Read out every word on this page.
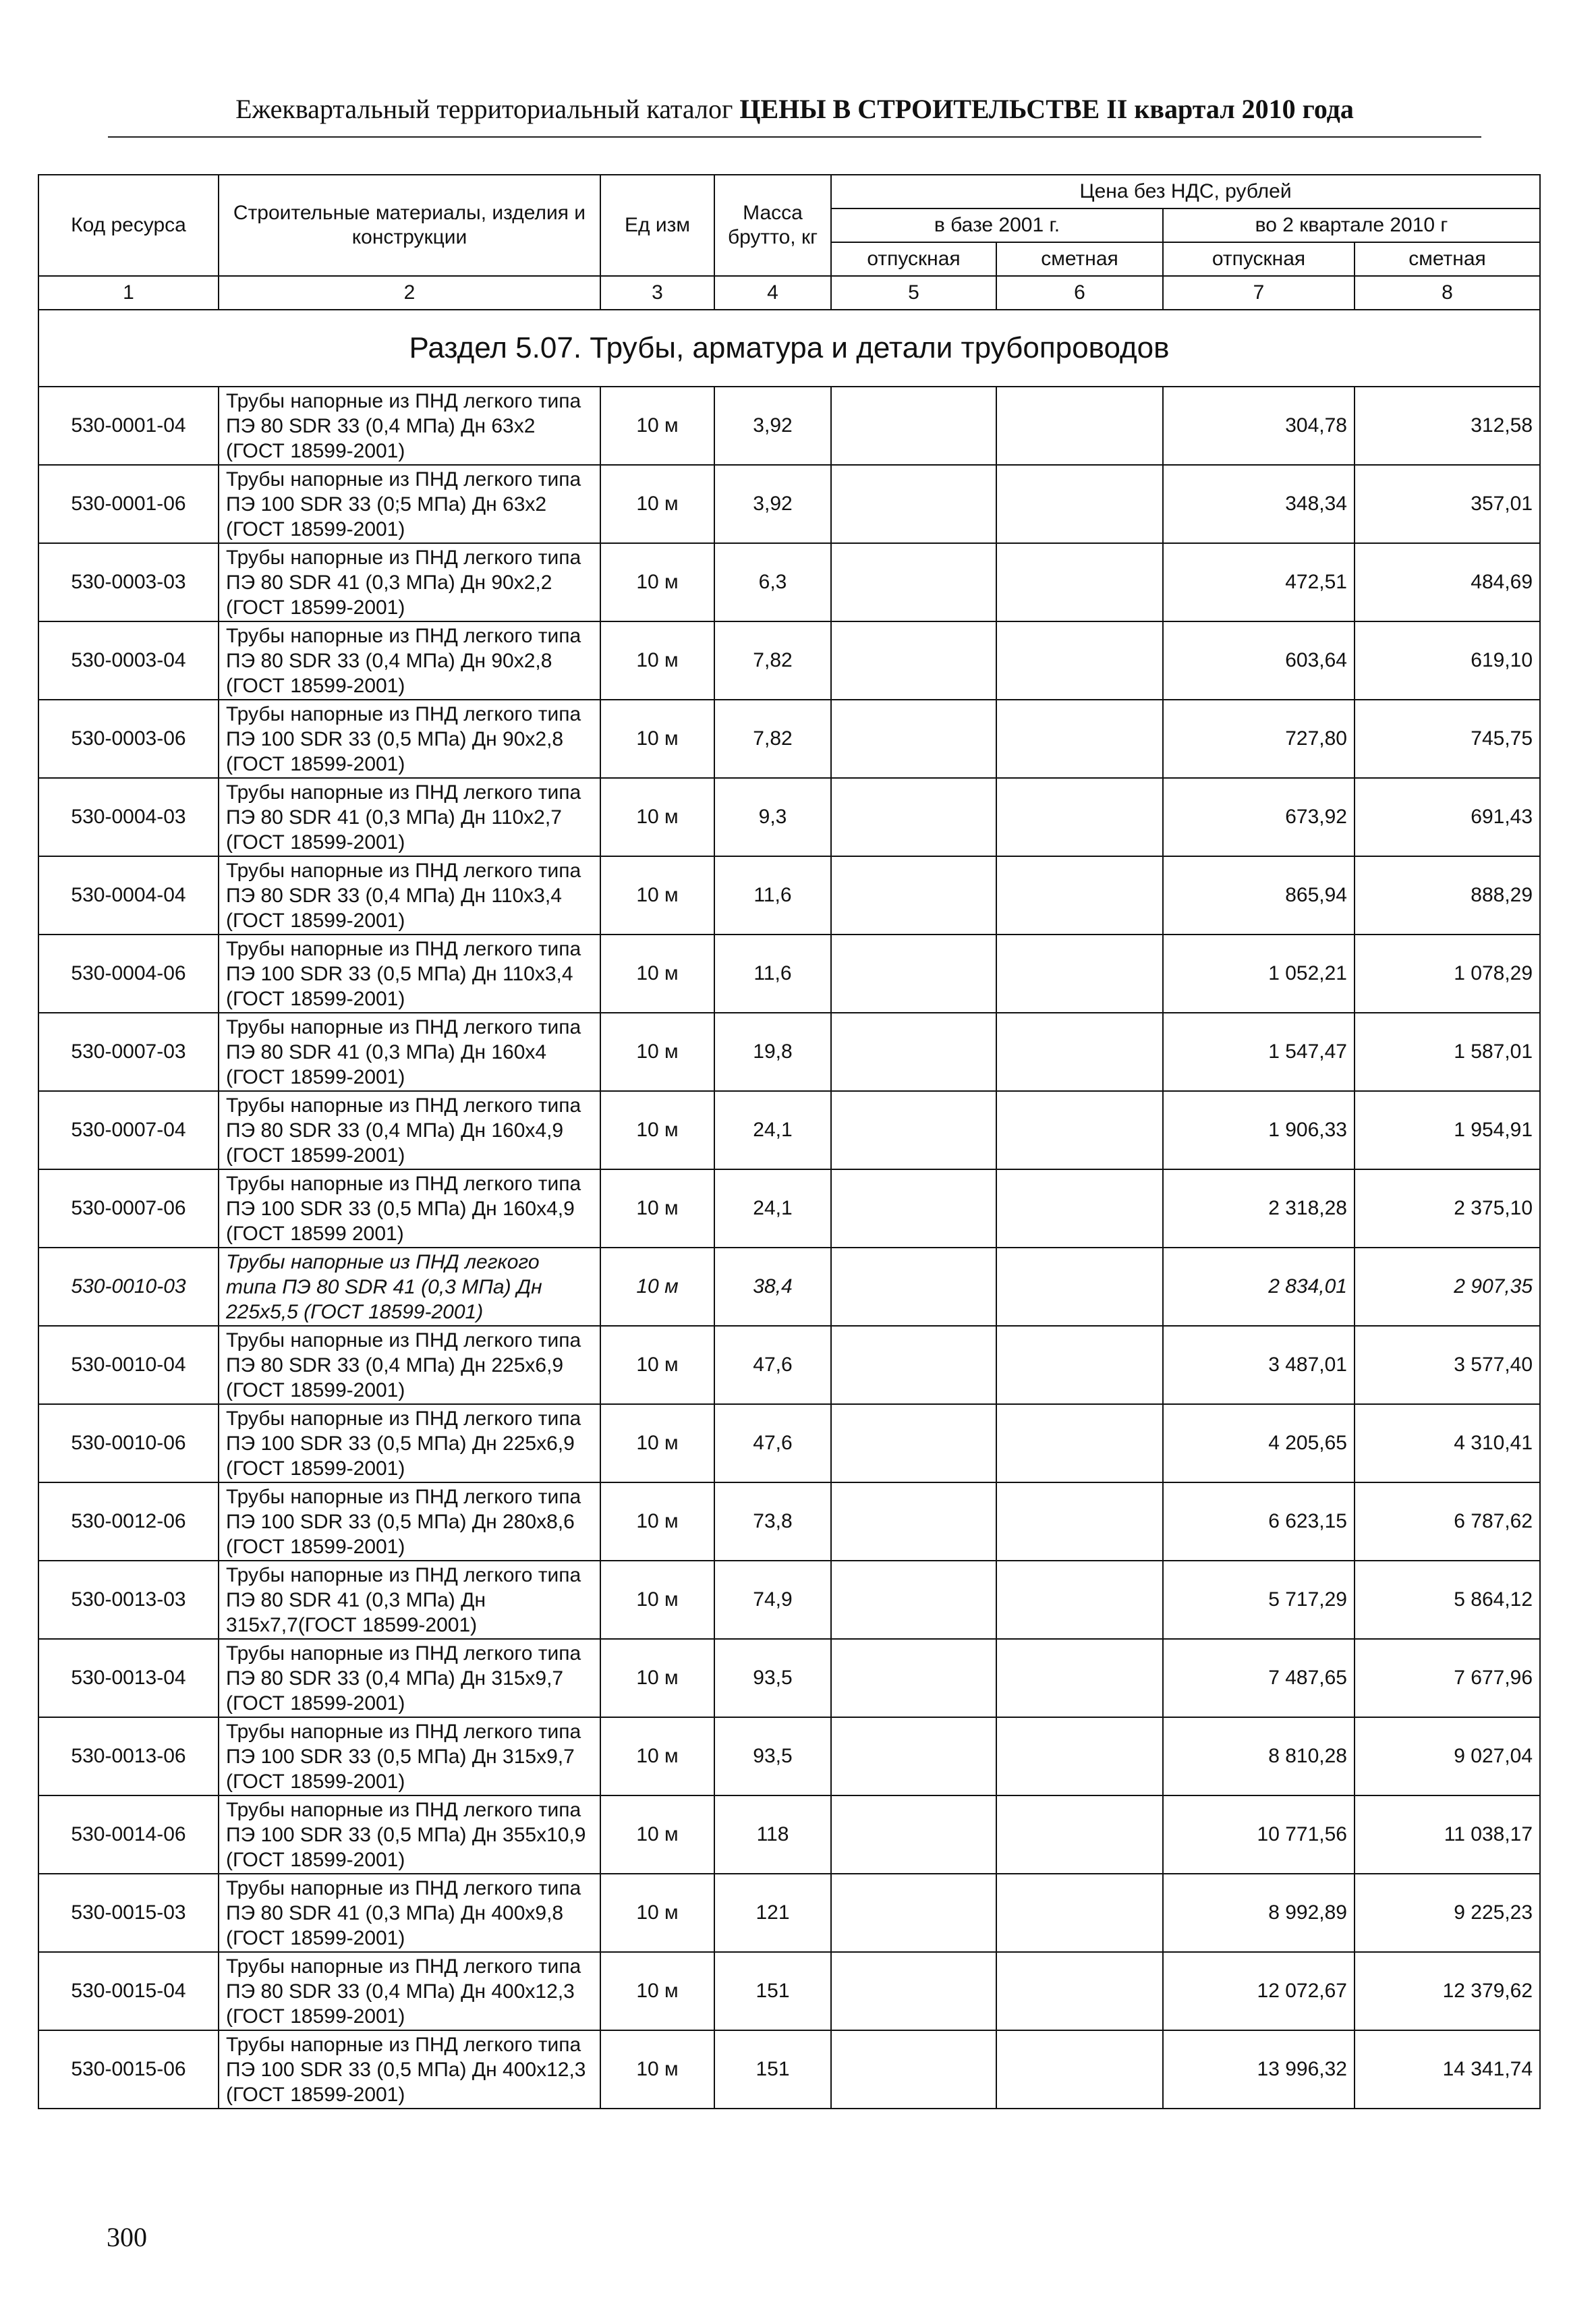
Ежеквартальный территориальный каталог ЦЕНЫ В СТРОИТЕЛЬСТВЕ II квартал 2010 года
Код ресурса	Строительные материалы, изделия и конструкции	Ед изм	Масса брутто, кг	Цена без НДС, рублей			
				в базе 2001 г.		во 2 квартале 2010 г	
				отпускная	сметная	отпускная	сметная
1	2	3	4	5	6	7	8
Раздел 5.07. Трубы, арматура и детали трубопроводов							
530-0001-04	Трубы напорные из ПНД легкого типа ПЭ 80 SDR 33 (0,4 МПа) Дн 63х2 (ГОСТ 18599-2001)	10 м	3,92			304,78	312,58
530-0001-06	Трубы напорные из ПНД легкого типа ПЭ 100 SDR 33 (0;5 МПа) Дн 63х2 (ГОСТ 18599-2001)	10 м	3,92			348,34	357,01
530-0003-03	Трубы напорные из ПНД легкого типа ПЭ 80 SDR 41 (0,3 МПа) Дн 90х2,2 (ГОСТ 18599-2001)	10 м	6,3			472,51	484,69
530-0003-04	Трубы напорные из ПНД легкого типа ПЭ 80 SDR 33 (0,4 МПа) Дн 90х2,8 (ГОСТ 18599-2001)	10 м	7,82			603,64	619,10
530-0003-06	Трубы напорные из ПНД легкого типа ПЭ 100 SDR 33 (0,5 МПа) Дн 90х2,8 (ГОСТ 18599-2001)	10 м	7,82			727,80	745,75
530-0004-03	Трубы напорные из ПНД легкого типа ПЭ 80 SDR 41 (0,3 МПа) Дн 110х2,7 (ГОСТ 18599-2001)	10 м	9,3			673,92	691,43
530-0004-04	Трубы напорные из ПНД легкого типа ПЭ 80 SDR 33 (0,4 МПа) Дн 110х3,4 (ГОСТ 18599-2001)	10 м	11,6			865,94	888,29
530-0004-06	Трубы напорные из ПНД легкого типа ПЭ 100 SDR 33 (0,5 МПа) Дн 110х3,4 (ГОСТ 18599-2001)	10 м	11,6			1 052,21	1 078,29
530-0007-03	Трубы напорные из ПНД легкого типа ПЭ 80 SDR 41 (0,3 МПа) Дн 160х4 (ГОСТ 18599-2001)	10 м	19,8			1 547,47	1 587,01
530-0007-04	Трубы напорные из ПНД легкого типа ПЭ 80 SDR 33 (0,4 МПа) Дн 160х4,9 (ГОСТ 18599-2001)	10 м	24,1			1 906,33	1 954,91
530-0007-06	Трубы напорные из ПНД легкого типа ПЭ 100 SDR 33 (0,5 МПа) Дн 160х4,9 (ГОСТ 18599 2001)	10 м	24,1			2 318,28	2 375,10
530-0010-03	Трубы напорные из ПНД легкого типа ПЭ 80 SDR 41 (0,3 МПа) Дн 225х5,5 (ГОСТ 18599-2001)	10 м	38,4			2 834,01	2 907,35
530-0010-04	Трубы напорные из ПНД легкого типа ПЭ 80 SDR 33 (0,4 МПа) Дн 225х6,9 (ГОСТ 18599-2001)	10 м	47,6			3 487,01	3 577,40
530-0010-06	Трубы напорные из ПНД легкого типа ПЭ 100 SDR 33 (0,5 МПа) Дн 225х6,9 (ГОСТ 18599-2001)	10 м	47,6			4 205,65	4 310,41
530-0012-06	Трубы напорные из ПНД легкого типа ПЭ 100 SDR 33 (0,5 МПа) Дн 280х8,6 (ГОСТ 18599-2001)	10 м	73,8			6 623,15	6 787,62
530-0013-03	Трубы напорные из ПНД легкого типа ПЭ 80 SDR 41 (0,3 МПа) Дн 315х7,7(ГОСТ 18599-2001)	10 м	74,9			5 717,29	5 864,12
530-0013-04	Трубы напорные из ПНД легкого типа ПЭ 80 SDR 33 (0,4 МПа) Дн 315х9,7 (ГОСТ 18599-2001)	10 м	93,5			7 487,65	7 677,96
530-0013-06	Трубы напорные из ПНД легкого типа ПЭ 100 SDR 33 (0,5 МПа) Дн 315х9,7 (ГОСТ 18599-2001)	10 м	93,5			8 810,28	9 027,04
530-0014-06	Трубы напорные из ПНД легкого типа ПЭ 100 SDR 33 (0,5 МПа) Дн 355х10,9 (ГОСТ 18599-2001)	10 м	118			10 771,56	11 038,17
530-0015-03	Трубы напорные из ПНД легкого типа ПЭ 80 SDR 41 (0,3 МПа) Дн 400х9,8 (ГОСТ 18599-2001)	10 м	121			8 992,89	9 225,23
530-0015-04	Трубы напорные из ПНД легкого типа ПЭ 80 SDR 33 (0,4 МПа) Дн 400х12,3 (ГОСТ 18599-2001)	10 м	151			12 072,67	12 379,62
530-0015-06	Трубы напорные из ПНД легкого типа ПЭ 100 SDR 33 (0,5 МПа) Дн 400х12,3 (ГОСТ 18599-2001)	10 м	151			13 996,32	14 341,74
300
